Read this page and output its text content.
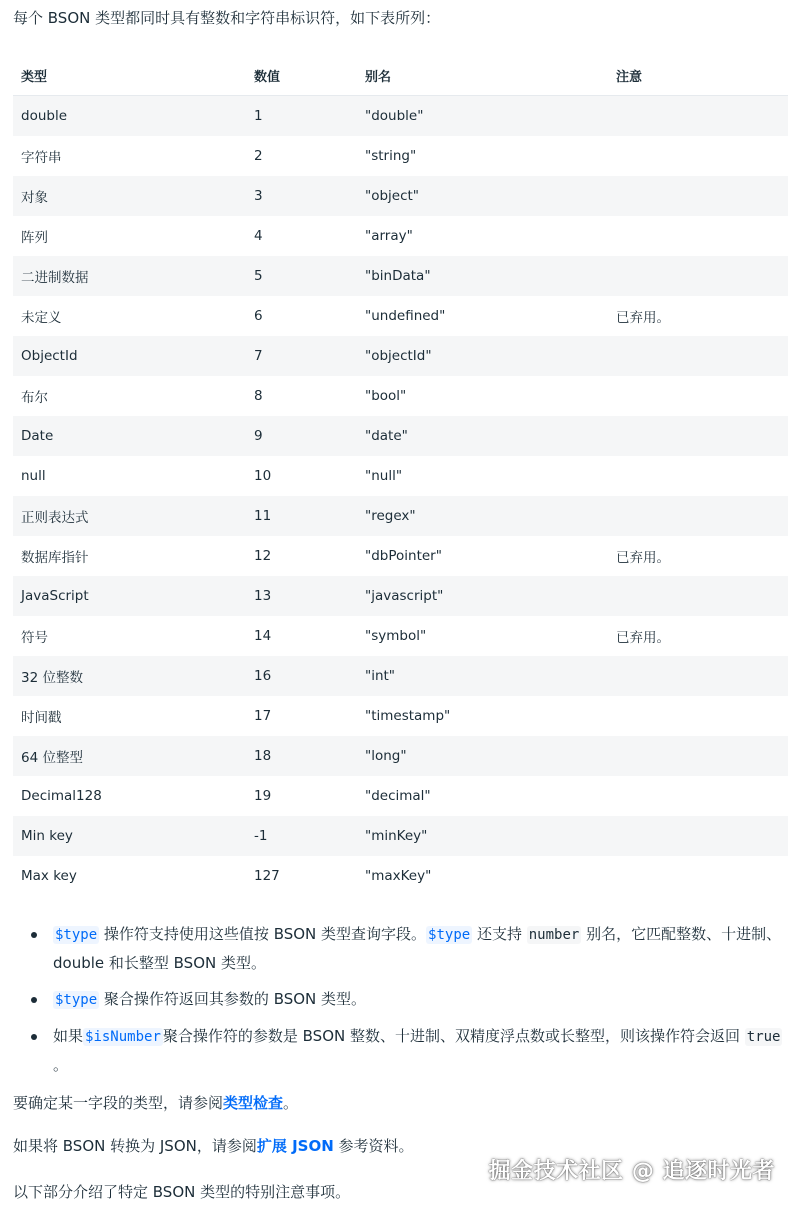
每个 BSON 类型都同时具有整数和字符串标识符，如下表所列：
类型	数值	别名	注意
double	1	"double"	
字符串	2	"string"	
对象	3	"object"	
阵列	4	"array"	
二进制数据	5	"binData"	
未定义	6	"undefined"	已弃用。
ObjectId	7	"objectId"	
布尔	8	"bool"	
Date	9	"date"	
null	10	"null"	
正则表达式	11	"regex"	
数据库指针	12	"dbPointer"	已弃用。
JavaScript	13	"javascript"	
符号	14	"symbol"	已弃用。
32 位整数	16	"int"	
时间戳	17	"timestamp"	
64 位整型	18	"long"	
Decimal128	19	"decimal"	
Min key	-1	"minKey"	
Max key	127	"maxKey"	
$type 操作符支持使用这些值按 BSON 类型查询字段。 $type 还支持 number 别名，它匹配整数、十进制、double 和长整型 BSON 类型。
$type 聚合操作符返回其参数的 BSON 类型。
如果 $isNumber 聚合操作符的参数是 BSON 整数、十进制、双精度浮点数或长整型，则该操作符会返回 true 。
要确定某一字段的类型，请参阅类型检查。
如果将 BSON 转换为 JSON，请参阅扩展 JSON 参考资料。
以下部分介绍了特定 BSON 类型的特别注意事项。
掘金技术社区 @ 追逐时光者
